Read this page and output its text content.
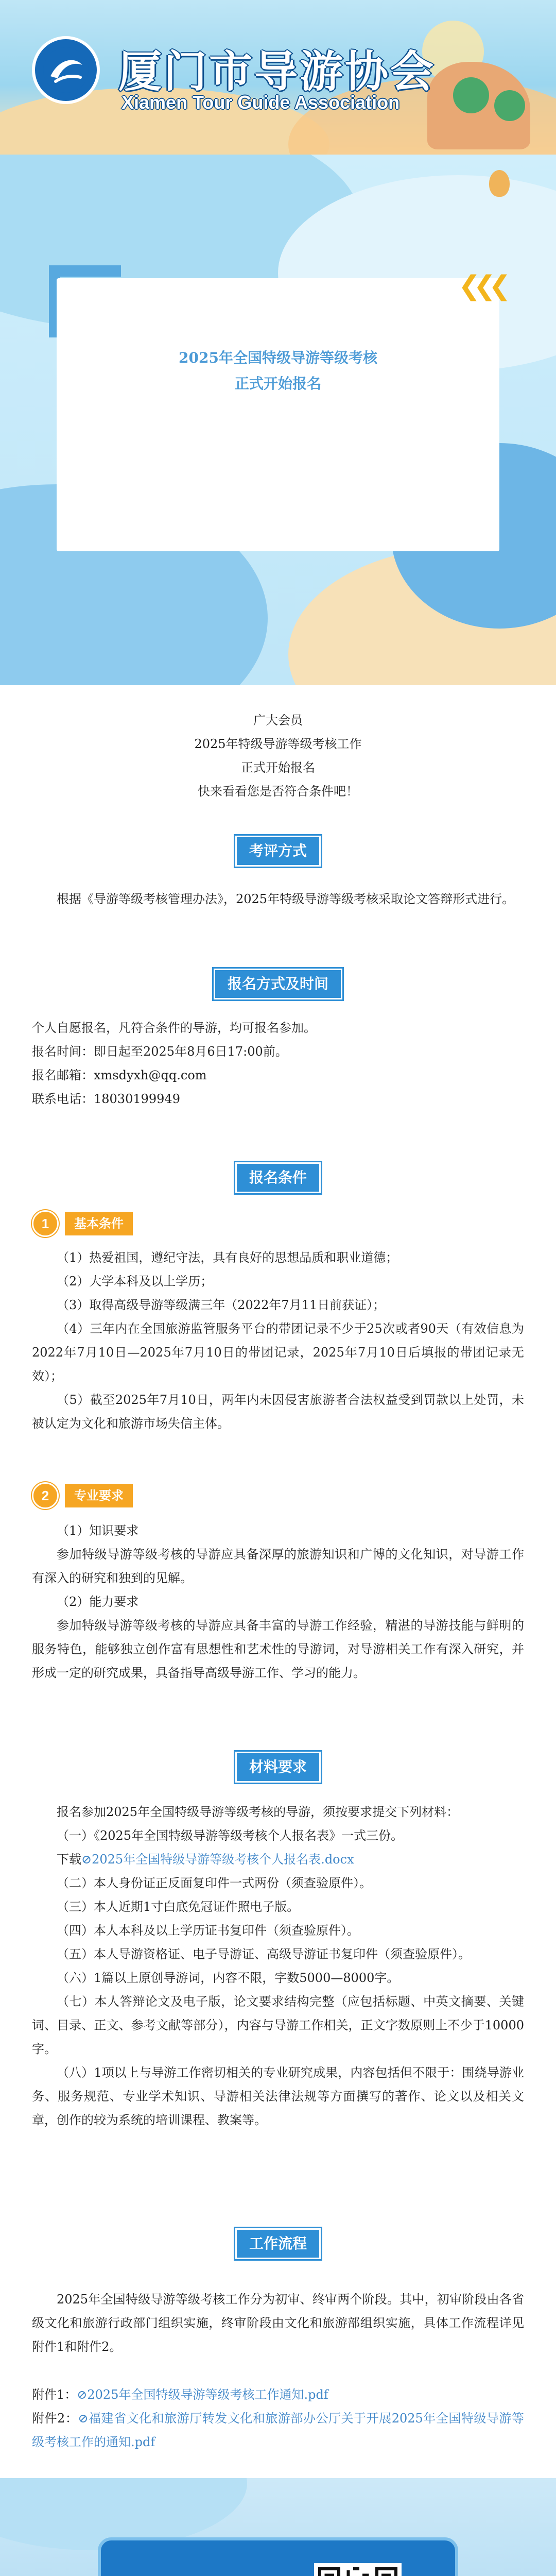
厦门市导游协会
Xiamen Tour Guide Association
❮❮❮
2025年全国特级导游等级考核
正式开始报名
广大会员
2025年特级导游等级考核工作
正式开始报名
快来看看您是否符合条件吧！
考评方式

根据《导游等级考核管理办法》，2025年特级导游等级考核采取论文答辩形式进行。

报名方式及时间

个人自愿报名，凡符合条件的导游，均可报名参加。

报名时间：即日起至2025年8月6日17:00前。

报名邮箱：xmsdyxh@qq.com

联系电话：18030199949

报名条件
1	基本条件

（1）热爱祖国，遵纪守法，具有良好的思想品质和职业道德；

（2）大学本科及以上学历；

（3）取得高级导游等级满三年（2022年7月11日前获证）；

（4）三年内在全国旅游监管服务平台的带团记录不少于25次或者90天（有效信息为2022年7月10日—2025年7月10日的带团记录，2025年7月10日后填报的带团记录无效）；

（5）截至2025年7月10日，两年内未因侵害旅游者合法权益受到罚款以上处罚，未被认定为文化和旅游市场失信主体。

2	专业要求

（1）知识要求

参加特级导游等级考核的导游应具备深厚的旅游知识和广博的文化知识，对导游工作有深入的研究和独到的见解。

（2）能力要求

参加特级导游等级考核的导游应具备丰富的导游工作经验，精湛的导游技能与鲜明的服务特色，能够独立创作富有思想性和艺术性的导游词，对导游相关工作有深入研究，并形成一定的研究成果，具备指导高级导游工作、学习的能力。

材料要求

报名参加2025年全国特级导游等级考核的导游，须按要求提交下列材料：

（一）《2025年全国特级导游等级考核个人报名表》一式三份。

下载⊘2025年全国特级导游等级考核个人报名表.docx

（二）本人身份证正反面复印件一式两份（须查验原件）。

（三）本人近期1寸白底免冠证件照电子版。

（四）本人本科及以上学历证书复印件（须查验原件）。

（五）本人导游资格证、电子导游证、高级导游证书复印件（须查验原件）。

（六）1篇以上原创导游词，内容不限，字数5000—8000字。

（七）本人答辩论文及电子版，论文要求结构完整（应包括标题、中英文摘要、关键词、目录、正文、参考文献等部分），内容与导游工作相关，正文字数原则上不少于10000字。

（八）1项以上与导游工作密切相关的专业研究成果，内容包括但不限于：围绕导游业务、服务规范、专业学术知识、导游相关法律法规等方面撰写的著作、论文以及相关文章，创作的较为系统的培训课程、教案等。

工作流程

2025年全国特级导游等级考核工作分为初审、终审两个阶段。其中，初审阶段由各省级文化和旅游行政部门组织实施，终审阶段由文化和旅游部组织实施，具体工作流程详见附件1和附件2。

附件1：⊘2025年全国特级导游等级考核工作通知.pdf

附件2：⊘福建省文化和旅游厅转发文化和旅游部办公厅关于开展2025年全国特级导游等级考核工作的通知.pdf
